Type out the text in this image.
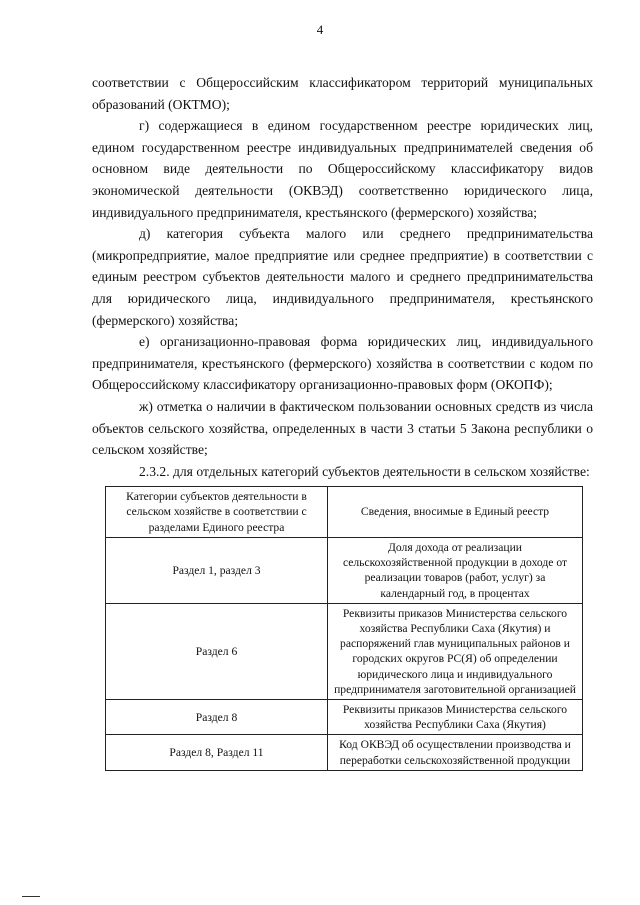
4

соответствии с Общероссийским классификатором территорий муниципальных образований (ОКТМО);

г) содержащиеся в едином государственном реестре юридических лиц, едином государственном реестре индивидуальных предпринимателей сведения об основном виде деятельности по Общероссийскому классификатору видов экономической деятельности (ОКВЭД) соответственно юридического лица, индивидуального предпринимателя, крестьянского (фермерского) хозяйства;

д) категория субъекта малого или среднего предпринимательства (микропредприятие, малое предприятие или среднее предприятие) в соответствии с единым реестром субъектов деятельности малого и среднего предпринимательства для юридического лица, индивидуального предпринимателя, крестьянского (фермерского) хозяйства;

е) организационно-правовая форма юридических лиц, индивидуального предпринимателя, крестьянского (фермерского) хозяйства в соответствии с кодом по Общероссийскому классификатору организационно-правовых форм (ОКОПФ);

ж) отметка о наличии в фактическом пользовании основных средств из числа объектов сельского хозяйства, определенных в части 3 статьи 5 Закона республики о сельском хозяйстве;

2.3.2. для отдельных категорий субъектов деятельности в сельском хозяйстве:

Категории субъектов деятельности в сельском хозяйстве в соответствии с разделами Единого реестра	Сведения, вносимые в Единый реестр
Раздел 1, раздел 3	Доля дохода от реализации сельскохозяйственной продукции в доходе от реализации товаров (работ, услуг) за календарный год, в процентах
Раздел 6	Реквизиты приказов Министерства сельского хозяйства Республики Саха (Якутия) и распоряжений глав муниципальных районов и городских округов РС(Я) об определении юридического лица и индивидуального предпринимателя заготовительной организацией
Раздел 8	Реквизиты приказов Министерства сельского хозяйства Республики Саха (Якутия)
Раздел 8, Раздел 11	Код ОКВЭД об осуществлении производства и переработки сельскохозяйственной продукции
